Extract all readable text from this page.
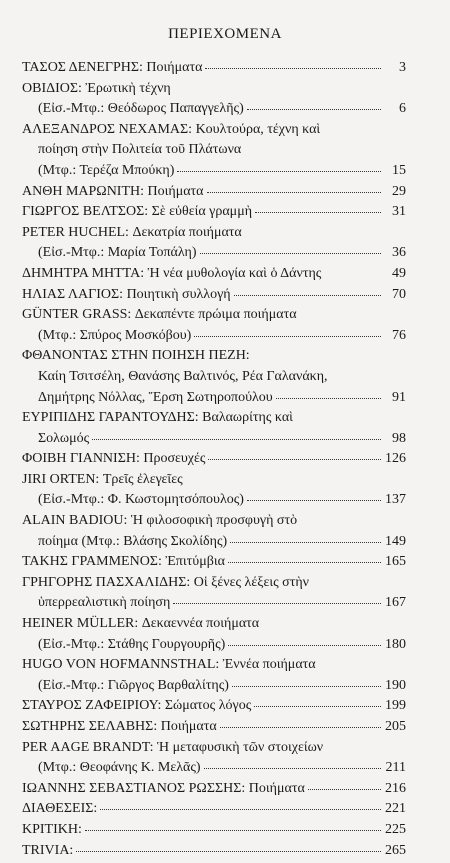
ΠΕΡΙΕΧΟΜΕΝΑ
ΤΑΣΟΣ ΔΕΝΕΓΡΗΣ: Ποιήματα	3
ΟΒΙΔΙΟΣ: Ἐρωτικὴ τέχνη
(Εἰσ.-Μτφ.: Θεόδωρος Παπαγγελῆς)	6
ΑΛΕΞΑΝΔΡΟΣ ΝΕΧΑΜΑΣ: Κουλτούρα, τέχνη καὶ
ποίηση στὴν Πολιτεία τοῦ Πλάτωνα
(Μτφ.: Τερέζα Μπούκη)	15
ΑΝΘΗ ΜΑΡΩΝΙΤΗ: Ποιήματα	29
ΓΙΩΡΓΟΣ ΒΕΛΤΣΟΣ: Σὲ εὐθεία γραμμὴ	31
PETER HUCHEL: Δεκατρία ποιήματα
(Εἰσ.-Μτφ.: Μαρία Τοπάλη)	36
ΔΗΜΗΤΡΑ ΜΗΤΤΑ: Ἡ νέα μυθολογία καὶ ὁ Δάντης	49
ΗΛΙΑΣ ΛΑΓΙΟΣ: Ποιητικὴ συλλογή	70
GÜNTER GRASS: Δεκαπέντε πρώιμα ποιήματα
(Μτφ.: Σπύρος Μοσκόβου)	76
ΦΘΑΝΟΝΤΑΣ ΣΤΗΝ ΠΟΙΗΣΗ ΠΕΖΗ:
Καίη Τσιτσέλη, Θανάσης Βαλτινός, Ρέα Γαλανάκη,
Δημήτρης Νόλλας, Ἔρση Σωτηροπούλου	91
ΕΥΡΙΠΙΔΗΣ ΓΑΡΑΝΤΟΥΔΗΣ: Βαλαωρίτης καὶ
Σολωμός	98
ΦΟΙΒΗ ΓΙΑΝΝΙΣΗ: Προσευχές	126
JIRI ORTEN: Τρεῖς ἐλεγεῖες
(Εἰσ.-Μτφ.: Φ. Κωστομητσόπουλος)	137
ALAIN BADIOU: Ἡ φιλοσοφικὴ προσφυγὴ στὸ
ποίημα (Μτφ.: Βλάσης Σκολίδης)	149
ΤΑΚΗΣ ΓΡΑΜΜΕΝΟΣ: Ἐπιτύμβια	165
ΓΡΗΓΟΡΗΣ ΠΑΣΧΑΛΙΔΗΣ: Οἱ ξένες λέξεις στὴν
ὑπερρεαλιστικὴ ποίηση	167
HEINER MÜLLER: Δεκαεννέα ποιήματα
(Εἰσ.-Μτφ.: Στάθης Γουργουρῆς)	180
HUGO VON HOFMANNSTHAL: Ἐννέα ποιήματα
(Εἰσ.-Μτφ.: Γιῶργος Βαρθαλίτης)	190
ΣΤΑΥΡΟΣ ΖΑΦΕΙΡΙΟΥ: Σώματος λόγος	199
ΣΩΤΗΡΗΣ ΣΕΛΑΒΗΣ: Ποιήματα	205
PER AAGE BRANDT: Ἡ μεταφυσικὴ τῶν στοιχείων
(Μτφ.: Θεοφάνης Κ. Μελᾶς)	211
ΙΩΑΝΝΗΣ ΣΕΒΑΣΤΙΑΝΟΣ ΡΩΣΣΗΣ: Ποιήματα	216
ΔΙΑΘΕΣΕΙΣ:	221
ΚΡΙΤΙΚΗ:	225
TRIVIA:	265
